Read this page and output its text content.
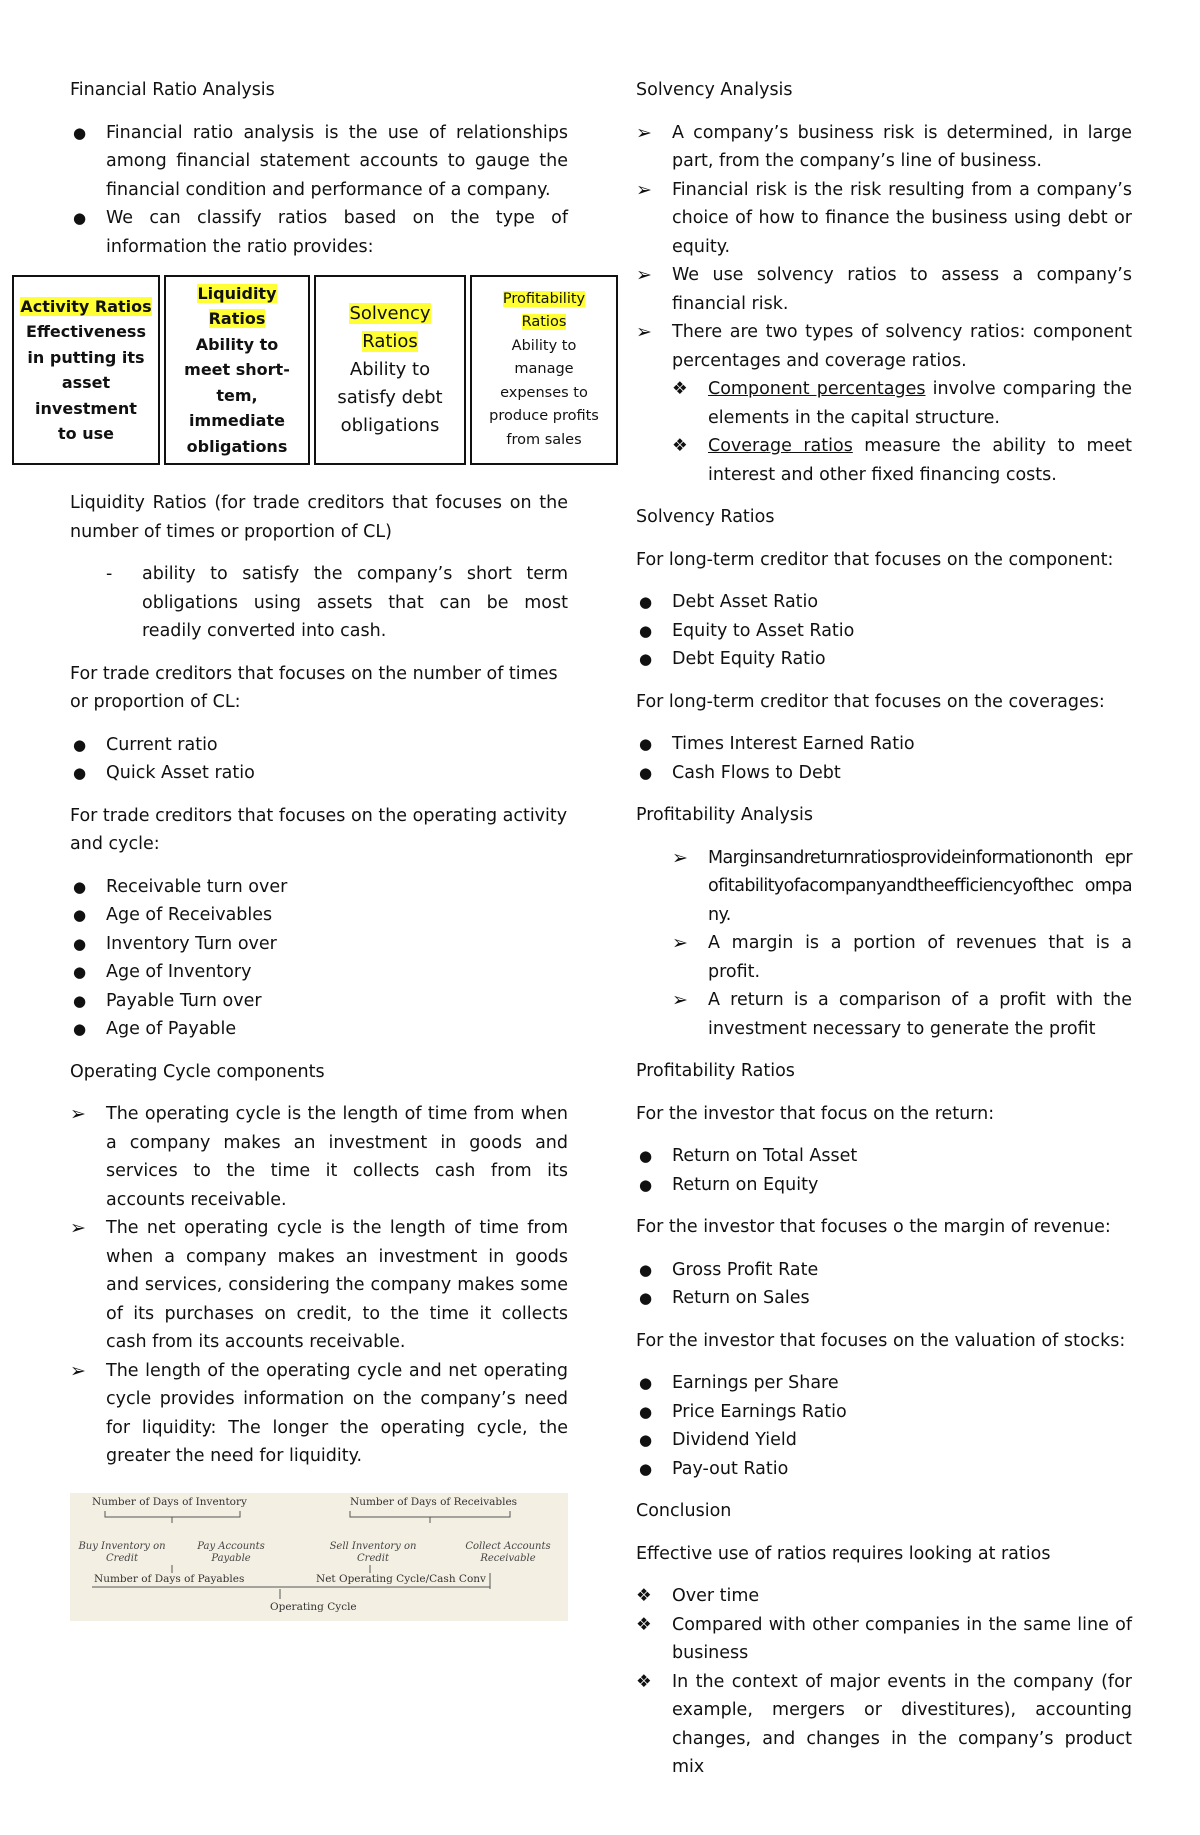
Financial Ratio Analysis

●	Financial ratio analysis is the use of relationships among financial statement accounts to gauge the financial condition and performance of a company.
●	We can classify ratios based on the type of information the ratio provides:
Activity Ratios
Effectiveness in putting its asset investment to use
Liquidity Ratios
Ability to meet short-tem, immediate obligations
Solvency Ratios
Ability to satisfy debt obligations
Profitability Ratios
Ability to manage expenses to produce profits from sales

Liquidity Ratios (for trade creditors that focuses on the number of times or proportion of CL)

-	ability to satisfy the company’s short term obligations using assets that can be most readily converted into cash.

For trade creditors that focuses on the number of times or proportion of CL:

●	Current ratio
●	Quick Asset ratio

For trade creditors that focuses on the operating activity and cycle:

●	Receivable turn over
●	Age of Receivables
●	Inventory Turn over
●	Age of Inventory
●	Payable Turn over
●	Age of Payable

Operating Cycle components

➢	The operating cycle is the length of time from when a company makes an investment in goods and services to the time it collects cash from its accounts receivable.
➢	The net operating cycle is the length of time from when a company makes an investment in goods and services, considering the company makes some of its purchases on credit, to the time it collects cash from its accounts receivable.
➢	The length of the operating cycle and net operating cycle provides information on the company’s need for liquidity: The longer the operating cycle, the greater the need for liquidity.
Number of Days of Inventory	Number of Days of Receivables
Buy Inventory on Credit
Pay Accounts Payable
Sell Inventory on Credit
Collect Accounts Receivable
Number of Days of Payables	Net Operating Cycle/Cash Conv
Operating Cycle

Solvency Analysis

➢	A company’s business risk is determined, in large part, from the company’s line of business.
➢	Financial risk is the risk resulting from a company’s choice of how to finance the business using debt or equity.
➢	We use solvency ratios to assess a company’s financial risk.
➢	There are two types of solvency ratios: component percentages and coverage ratios.
❖	Component percentages involve comparing the elements in the capital structure.
❖	Coverage ratios measure the ability to meet interest and other fixed financing costs.

Solvency Ratios

For long-term creditor that focuses on the component:

●	Debt Asset Ratio
●	Equity to Asset Ratio
●	Debt Equity Ratio

For long-term creditor that focuses on the coverages:

●	Times Interest Earned Ratio
●	Cash Flows to Debt

Profitability Analysis

➢	Marginsandreturnratiosprovideinformationonth eprofitabilityofacompanyandtheefficiencyofthec ompany.
➢	A margin is a portion of revenues that is a profit.
➢	A return is a comparison of a profit with the investment necessary to generate the profit

Profitability Ratios

For the investor that focus on the return:

●	Return on Total Asset
●	Return on Equity

For the investor that focuses o the margin of revenue:

●	Gross Profit Rate
●	Return on Sales

For the investor that focuses on the valuation of stocks:

●	Earnings per Share
●	Price Earnings Ratio
●	Dividend Yield
●	Pay-out Ratio

Conclusion

Effective use of ratios requires looking at ratios

❖	Over time
❖	Compared with other companies in the same line of business
❖	In the context of major events in the company (for example, mergers or divestitures), accounting changes, and changes in the company’s product mix
